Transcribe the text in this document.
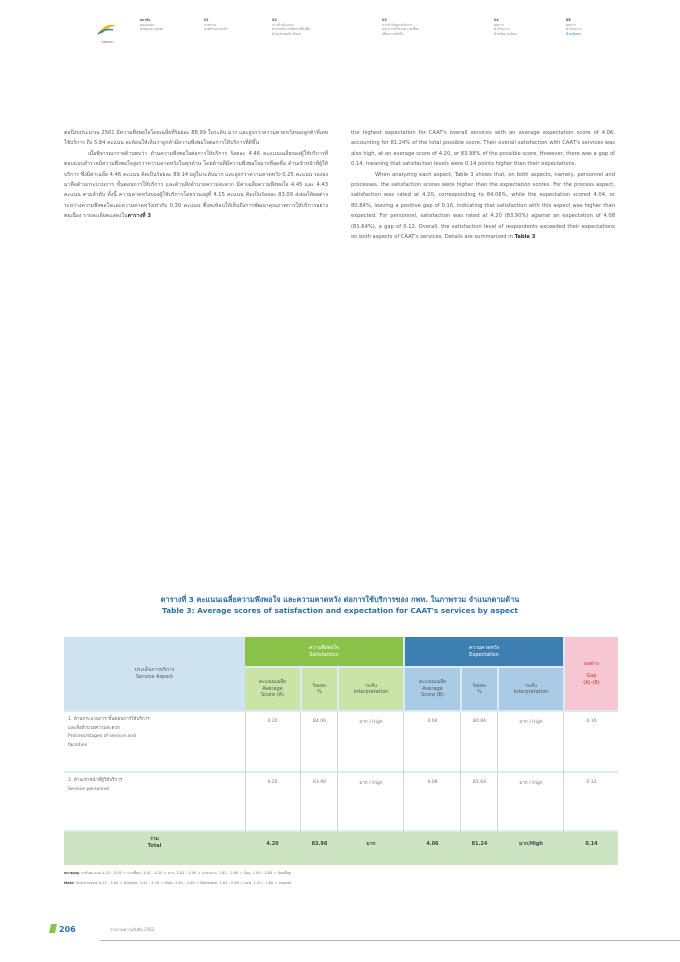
ENERGY
สถาบัน
ตอบสนอง
สังคมและชุมชน
01
ภาพรวม
องค์กรและธุรกิจ
02
การดำเนินงาน
ตามหลักการพัฒนาที่ยั่งยืน
ด้านเศรษฐกิจ สังคม
03
การกำกับดูแลกิจการ
และการบริหารความเสี่ยง
เพื่อความยั่งยืน
04
ผลการ
ดำเนินงาน
ด้านสิ่งแวดล้อม
05
ผลการ
ดำเนินงาน
ด้านสังคม

ต่อปีงบประมาณ 2561 มีความพึงพอใจโดยเฉลี่ยที่ร้อยละ 88.99 ในระดับ มาก และสูงกว่าความคาดหวังของลูกค้าที่เคยใช้บริการ ถึง 5.84 คะแนน สะท้อนให้เห็นว่าลูกค้ามีความพึงพอใจต่อการให้บริการที่ดีขึ้น

เมื่อพิจารณารายด้านพบว่า ด้านความพึงพอใจต่อการให้บริการ ร้อยละ 4.46 คะแนนเฉลี่ยของผู้ใช้บริการที่ตอบแบบสำรวจมีความพึงพอใจสูงกว่าความคาดหวังในทุกด้าน โดยด้านที่มีความพึงพอใจมากที่สุดคือ ด้านเจ้าหน้าที่ผู้ให้บริการ ซึ่งมีค่าเฉลี่ย 4.46 คะแนน คิดเป็นร้อยละ 89.14 อยู่ในระดับมาก และสูงกว่าความคาดหวัง 0.25 คะแนน รองลงมาคือด้านกระบวนการ ขั้นตอนการให้บริการ และด้านสิ่งอำนวยความสะดวก มีค่าเฉลี่ยความพึงพอใจ 4.45 และ 4.43 คะแนน ตามลำดับ ทั้งนี้ ความคาดหวังของผู้ใช้บริการโดยรวมอยู่ที่ 4.15 คะแนน คิดเป็นร้อยละ 83.09 ส่งผลให้ผลต่างระหว่างความพึงพอใจและความคาดหวังเท่ากับ 0.30 คะแนน ซึ่งสะท้อนให้เห็นถึงการพัฒนาคุณภาพการให้บริการอย่างต่อเนื่อง รายละเอียดแสดงในตารางที่ 3

the highest expectation for CAAT's overall services with an average expectation score of 4.06, accounting for 81.24% of the total possible score. Their overall satisfaction with CAAT's services was also high, at an average score of 4.20, or 83.98% of the possible score. However, there was a gap of 0.14, meaning that satisfaction levels were 0.14 points higher than their expectations.

When analyzing each aspect, Table 3 shows that, on both aspects, namely, personnel and processes, the satisfaction scores were higher than the expectation scores. For the process aspect, satisfaction was rated at 4.20, corresponding to 84.06%, while the expectation scored 4.04, or 80.84%, leaving a positive gap of 0.16, indicating that satisfaction with this aspect was higher than expected. For personnel, satisfaction was rated at 4.20 (83.90%) against an expectation of 4.08 (81.64%), a gap of 0.12. Overall, the satisfaction level of respondents exceeded their expectations on both aspects of CAAT's services. Details are summarized in Table 3

ตารางที่ 3 คะแนนเฉลี่ยความพึงพอใจ และความคาดหวัง ต่อการใช้บริการของ กพท. ในภาพรวม จำแนกตามด้าน
Table 3: Average scores of satisfaction and expectation for CAAT's services by aspect
ประเด็นการบริการ
Service Aspect
ความพึงพอใจ
Satisfaction
ความคาดหวัง
Expectation
ผลต่าง
Gap
(A)-(B)
คะแนนเฉลี่ย
Average
Score (A)
ร้อยละ
%
ระดับ
Interpretation
คะแนนเฉลี่ย
Average
Score (B)
ร้อยละ
%
ระดับ
Interpretation
1. ด้านกระบวนการ ขั้นตอนการให้บริการ
และสิ่งอำนวยความสะดวก
Process/stages of service and
facilities
4.20	84.06	มาก / High	4.04	80.84	มาก / High	0.16
2. ด้านเจ้าหน้าที่ผู้ให้บริการ
Service personnel
4.20	83.90	มาก / High	4.08	81.64	มาก / High	0.12
รวม
Total	4.20	83.98	มาก	4.06	81.24	มาก/High	0.14
หมายเหตุ: ระดับคะแนน 4.21 - 5.00 = มากที่สุด, 3.41 - 4.20 = มาก, 2.61 - 3.40 = ปานกลาง, 1.81 - 2.60 = น้อย, 1.00 - 1.80 = น้อยที่สุด
Note: Score levels 4.21 - 5.00 = Highest, 3.41 - 4.20 = High, 2.61 - 3.40 = Moderate, 1.81 - 2.60 = Low, 1.00 - 1.80 = Lowest
206	รายงานความยั่งยืน 2562
